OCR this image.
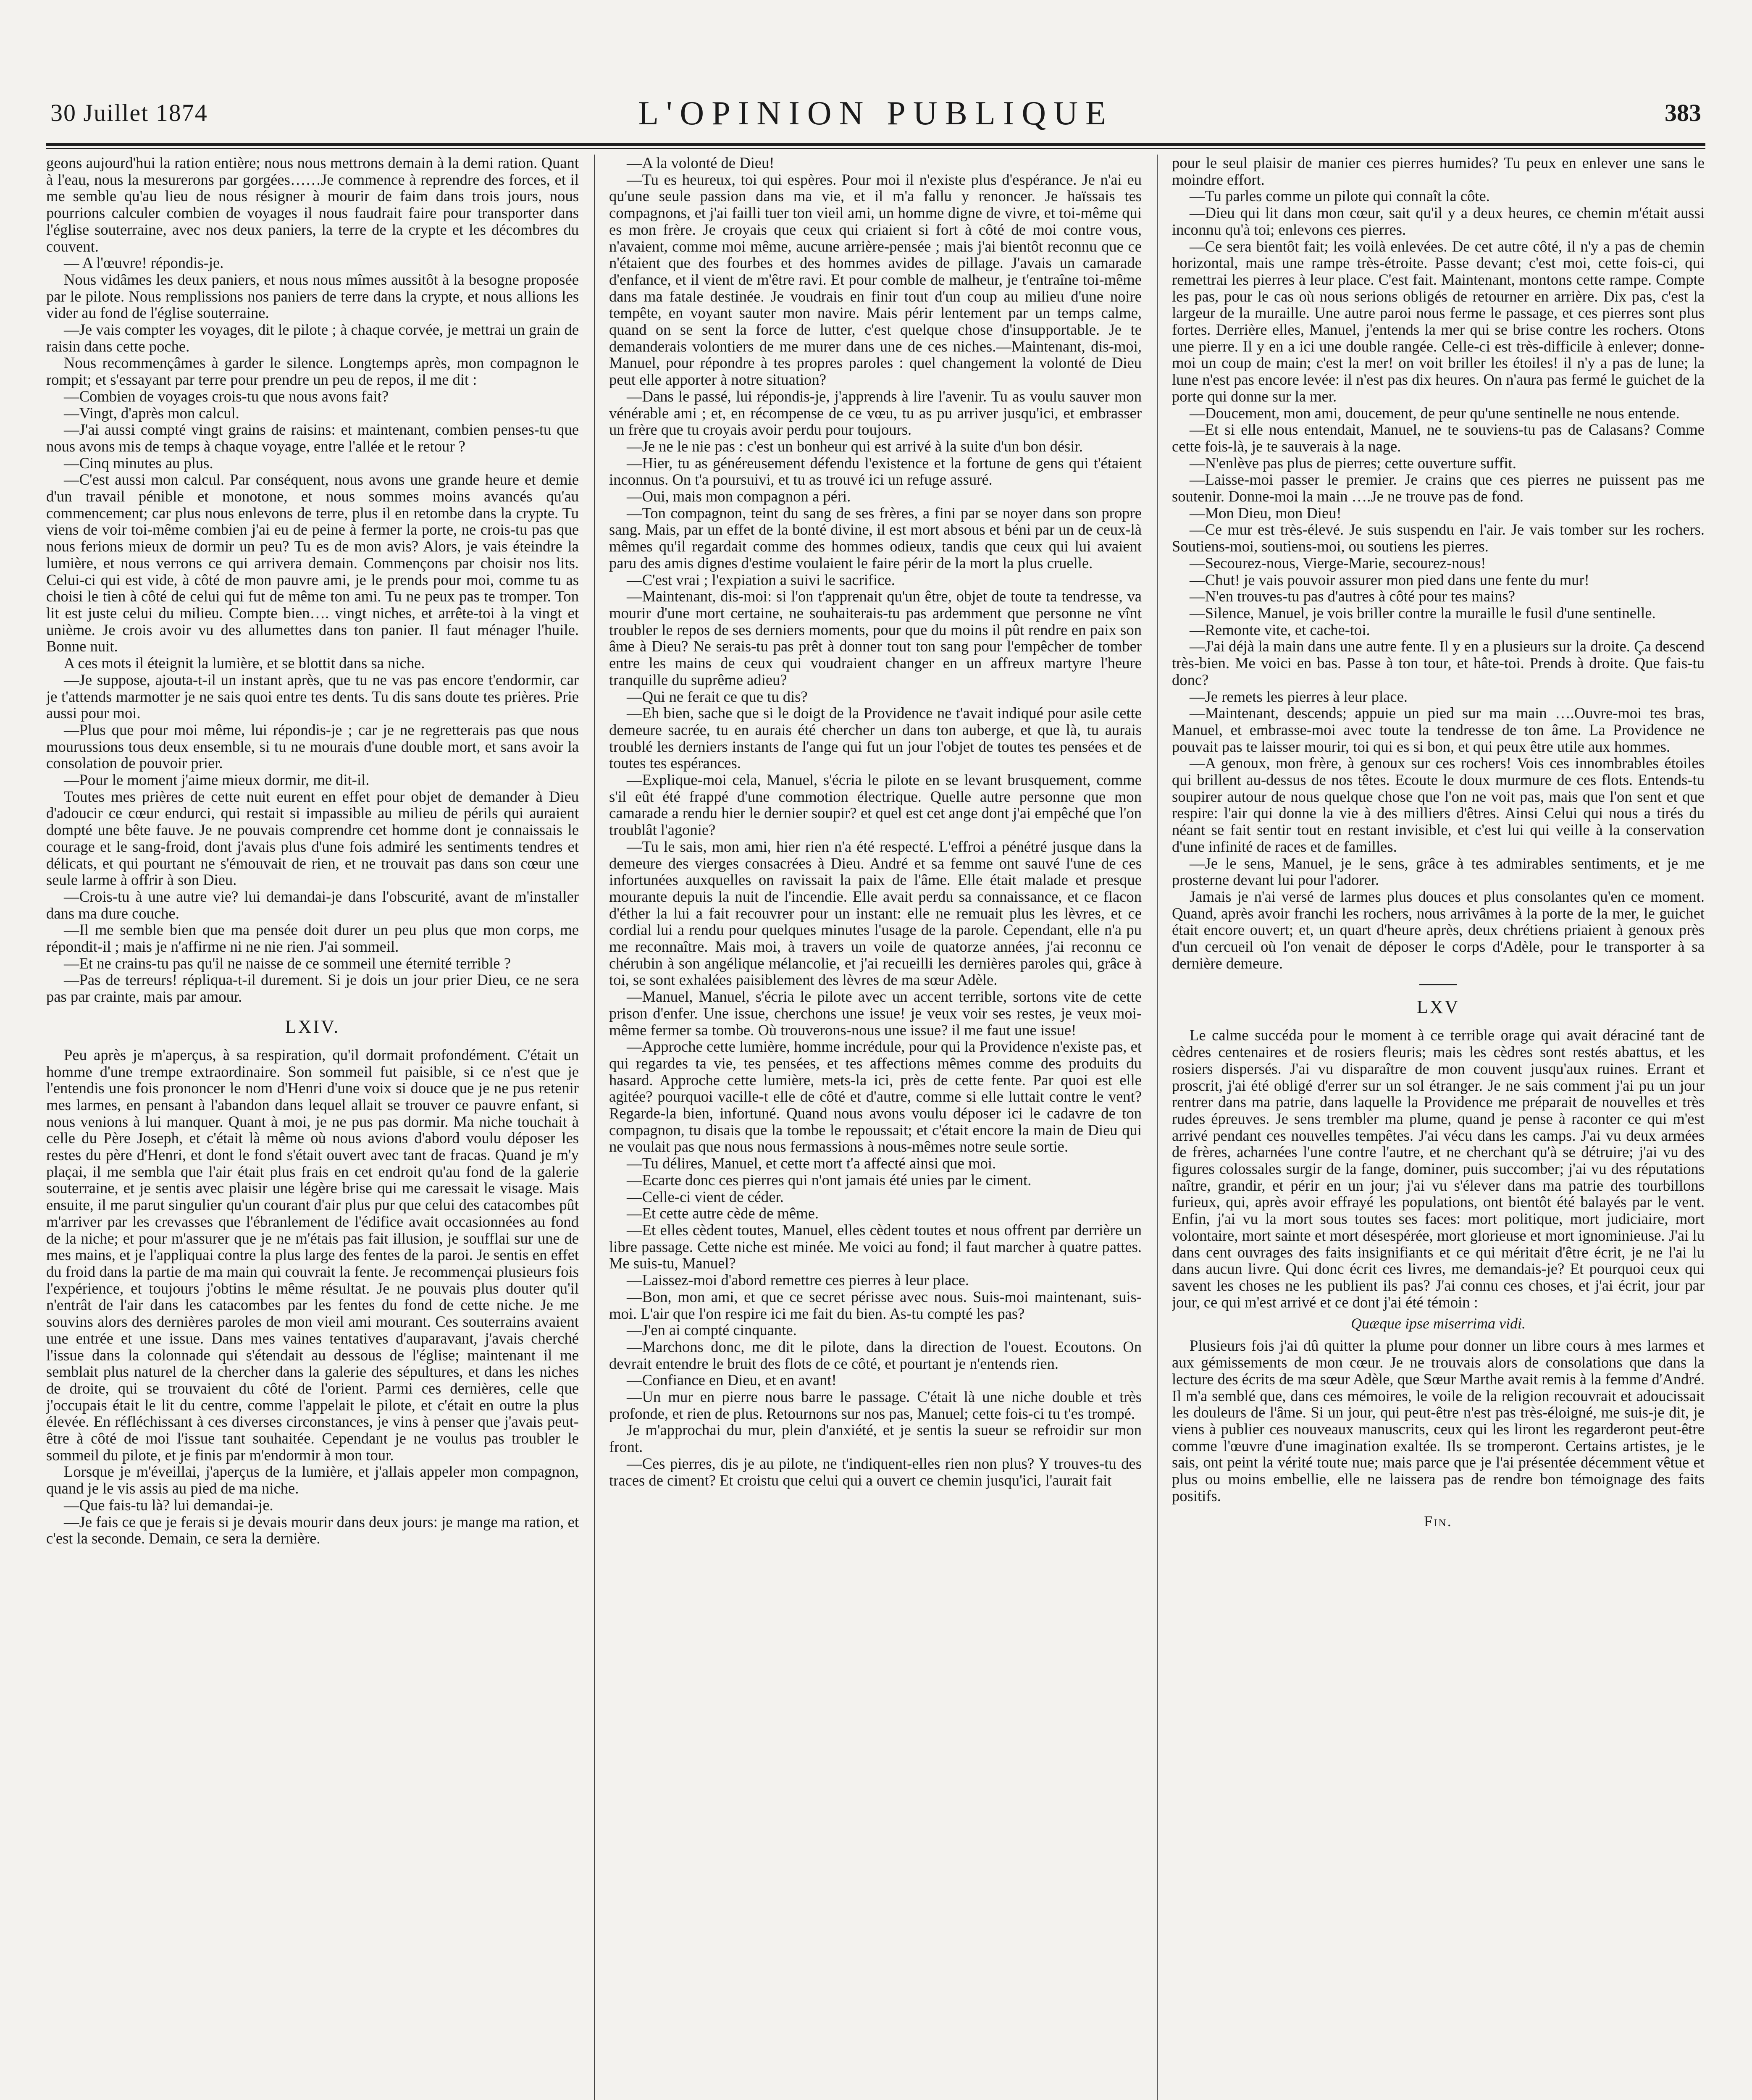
30 Juillet 1874	L'OPINION PUBLIQUE	383

geons aujourd'hui la ration entière; nous nous mettrons demain à la demi ration. Quant à l'eau, nous la mesurerons par gorgées……Je commence à reprendre des forces, et il me semble qu'au lieu de nous résigner à mourir de faim dans trois jours, nous pourrions calculer combien de voyages il nous faudrait faire pour transporter dans l'église souterraine, avec nos deux paniers, la terre de la crypte et les décombres du couvent.

— A l'œuvre! répondis-je.

Nous vidâmes les deux paniers, et nous nous mîmes aussitôt à la besogne proposée par le pilote. Nous remplissions nos paniers de terre dans la crypte, et nous allions les vider au fond de l'église souterraine.

—Je vais compter les voyages, dit le pilote ; à chaque corvée, je mettrai un grain de raisin dans cette poche.

Nous recommençâmes à garder le silence. Longtemps après, mon compagnon le rompit; et s'essayant par terre pour prendre un peu de repos, il me dit :

—Combien de voyages crois-tu que nous avons fait?

—Vingt, d'après mon calcul.

—J'ai aussi compté vingt grains de raisins: et maintenant, combien penses-tu que nous avons mis de temps à chaque voyage, entre l'allée et le retour ?

—Cinq minutes au plus.

—C'est aussi mon calcul. Par conséquent, nous avons une grande heure et demie d'un travail pénible et monotone, et nous sommes moins avancés qu'au commencement; car plus nous enlevons de terre, plus il en retombe dans la crypte. Tu viens de voir toi-même combien j'ai eu de peine à fermer la porte, ne crois-tu pas que nous ferions mieux de dormir un peu? Tu es de mon avis? Alors, je vais éteindre la lumière, et nous verrons ce qui arrivera demain. Commençons par choisir nos lits. Celui-ci qui est vide, à côté de mon pauvre ami, je le prends pour moi, comme tu as choisi le tien à côté de celui qui fut de même ton ami. Tu ne peux pas te tromper. Ton lit est juste celui du milieu. Compte bien…. vingt niches, et arrête-toi à la vingt et unième. Je crois avoir vu des allumettes dans ton panier. Il faut ménager l'huile. Bonne nuit.

A ces mots il éteignit la lumière, et se blottit dans sa niche.

—Je suppose, ajouta-t-il un instant après, que tu ne vas pas encore t'endormir, car je t'attends marmotter je ne sais quoi entre tes dents. Tu dis sans doute tes prières. Prie aussi pour moi.

—Plus que pour moi même, lui répondis-je ; car je ne regretterais pas que nous mourussions tous deux ensemble, si tu ne mourais d'une double mort, et sans avoir la consolation de pouvoir prier.

—Pour le moment j'aime mieux dormir, me dit-il.

Toutes mes prières de cette nuit eurent en effet pour objet de demander à Dieu d'adoucir ce cœur endurci, qui restait si impassible au milieu de périls qui auraient dompté une bête fauve. Je ne pouvais comprendre cet homme dont je connaissais le courage et le sang-froid, dont j'avais plus d'une fois admiré les sentiments tendres et délicats, et qui pourtant ne s'émouvait de rien, et ne trouvait pas dans son cœur une seule larme à offrir à son Dieu.

—Crois-tu à une autre vie? lui demandai-je dans l'obscurité, avant de m'installer dans ma dure couche.

—Il me semble bien que ma pensée doit durer un peu plus que mon corps, me répondit-il ; mais je n'affirme ni ne nie rien. J'ai sommeil.

—Et ne crains-tu pas qu'il ne naisse de ce sommeil une éternité terrible ?

—Pas de terreurs! répliqua-t-il durement. Si je dois un jour prier Dieu, ce ne sera pas par crainte, mais par amour.

LXIV.

Peu après je m'aperçus, à sa respiration, qu'il dormait profondément. C'était un homme d'une trempe extraordinaire. Son sommeil fut paisible, si ce n'est que je l'entendis une fois prononcer le nom d'Henri d'une voix si douce que je ne pus retenir mes larmes, en pensant à l'abandon dans lequel allait se trouver ce pauvre enfant, si nous venions à lui manquer. Quant à moi, je ne pus pas dormir. Ma niche touchait à celle du Père Joseph, et c'était là même où nous avions d'abord voulu déposer les restes du père d'Henri, et dont le fond s'était ouvert avec tant de fracas. Quand je m'y plaçai, il me sembla que l'air était plus frais en cet endroit qu'au fond de la galerie souterraine, et je sentis avec plaisir une légère brise qui me caressait le visage. Mais ensuite, il me parut singulier qu'un courant d'air plus pur que celui des catacombes pût m'arriver par les crevasses que l'ébranlement de l'édifice avait occasionnées au fond de la niche; et pour m'assurer que je ne m'étais pas fait illusion, je soufflai sur une de mes mains, et je l'appliquai contre la plus large des fentes de la paroi. Je sentis en effet du froid dans la partie de ma main qui couvrait la fente. Je recommençai plusieurs fois l'expérience, et toujours j'obtins le même résultat. Je ne pouvais plus douter qu'il n'entrât de l'air dans les catacombes par les fentes du fond de cette niche. Je me souvins alors des dernières paroles de mon vieil ami mourant. Ces souterrains avaient une entrée et une issue. Dans mes vaines tentatives d'auparavant, j'avais cherché l'issue dans la colonnade qui s'étendait au dessous de l'église; maintenant il me semblait plus naturel de la chercher dans la galerie des sépultures, et dans les niches de droite, qui se trouvaient du côté de l'orient. Parmi ces dernières, celle que j'occupais était le lit du centre, comme l'appelait le pilote, et c'était en outre la plus élevée. En réfléchissant à ces diverses circonstances, je vins à penser que j'avais peut-être à côté de moi l'issue tant souhaitée. Cependant je ne voulus pas troubler le sommeil du pilote, et je finis par m'endormir à mon tour.

Lorsque je m'éveillai, j'aperçus de la lumière, et j'allais appeler mon compagnon, quand je le vis assis au pied de ma niche.

—Que fais-tu là? lui demandai-je.

—Je fais ce que je ferais si je devais mourir dans deux jours: je mange ma ration, et c'est la seconde. Demain, ce sera la dernière.

—A la volonté de Dieu!

—Tu es heureux, toi qui espères. Pour moi il n'existe plus d'espérance. Je n'ai eu qu'une seule passion dans ma vie, et il m'a fallu y renoncer. Je haïssais tes compagnons, et j'ai failli tuer ton vieil ami, un homme digne de vivre, et toi-même qui es mon frère. Je croyais que ceux qui criaient si fort à côté de moi contre vous, n'avaient, comme moi même, aucune arrière-pensée ; mais j'ai bientôt reconnu que ce n'étaient que des fourbes et des hommes avides de pillage. J'avais un camarade d'enfance, et il vient de m'être ravi. Et pour comble de malheur, je t'entraîne toi-même dans ma fatale destinée. Je voudrais en finir tout d'un coup au milieu d'une noire tempête, en voyant sauter mon navire. Mais périr lentement par un temps calme, quand on se sent la force de lutter, c'est quelque chose d'insupportable. Je te demanderais volontiers de me murer dans une de ces niches.—Maintenant, dis-moi, Manuel, pour répondre à tes propres paroles : quel changement la volonté de Dieu peut elle apporter à notre situation?

—Dans le passé, lui répondis-je, j'apprends à lire l'avenir. Tu as voulu sauver mon vénérable ami ; et, en récompense de ce vœu, tu as pu arriver jusqu'ici, et embrasser un frère que tu croyais avoir perdu pour toujours.

—Je ne le nie pas : c'est un bonheur qui est arrivé à la suite d'un bon désir.

—Hier, tu as généreusement défendu l'existence et la fortune de gens qui t'étaient inconnus. On t'a poursuivi, et tu as trouvé ici un refuge assuré.

—Oui, mais mon compagnon a péri.

—Ton compagnon, teint du sang de ses frères, a fini par se noyer dans son propre sang. Mais, par un effet de la bonté divine, il est mort absous et béni par un de ceux-là mêmes qu'il regardait comme des hommes odieux, tandis que ceux qui lui avaient paru des amis dignes d'estime voulaient le faire périr de la mort la plus cruelle.

—C'est vrai ; l'expiation a suivi le sacrifice.

—Maintenant, dis-moi: si l'on t'apprenait qu'un être, objet de toute ta tendresse, va mourir d'une mort certaine, ne souhaiterais-tu pas ardemment que personne ne vînt troubler le repos de ses derniers moments, pour que du moins il pût rendre en paix son âme à Dieu? Ne serais-tu pas prêt à donner tout ton sang pour l'empêcher de tomber entre les mains de ceux qui voudraient changer en un affreux martyre l'heure tranquille du suprême adieu?

—Qui ne ferait ce que tu dis?

—Eh bien, sache que si le doigt de la Providence ne t'avait indiqué pour asile cette demeure sacrée, tu en aurais été chercher un dans ton auberge, et que là, tu aurais troublé les derniers instants de l'ange qui fut un jour l'objet de toutes tes pensées et de toutes tes espérances.

—Explique-moi cela, Manuel, s'écria le pilote en se levant brusquement, comme s'il eût été frappé d'une commotion électrique. Quelle autre personne que mon camarade a rendu hier le dernier soupir? et quel est cet ange dont j'ai empêché que l'on troublât l'agonie?

—Tu le sais, mon ami, hier rien n'a été respecté. L'effroi a pénétré jusque dans la demeure des vierges consacrées à Dieu. André et sa femme ont sauvé l'une de ces infortunées auxquelles on ravissait la paix de l'âme. Elle était malade et presque mourante depuis la nuit de l'incendie. Elle avait perdu sa connaissance, et ce flacon d'éther la lui a fait recouvrer pour un instant: elle ne remuait plus les lèvres, et ce cordial lui a rendu pour quelques minutes l'usage de la parole. Cependant, elle n'a pu me reconnaître. Mais moi, à travers un voile de quatorze années, j'ai reconnu ce chérubin à son angélique mélancolie, et j'ai recueilli les dernières paroles qui, grâce à toi, se sont exhalées paisiblement des lèvres de ma sœur Adèle.

—Manuel, Manuel, s'écria le pilote avec un accent terrible, sortons vite de cette prison d'enfer. Une issue, cherchons une issue! je veux voir ses restes, je veux moi-même fermer sa tombe. Où trouverons-nous une issue? il me faut une issue!

—Approche cette lumière, homme incrédule, pour qui la Providence n'existe pas, et qui regardes ta vie, tes pensées, et tes affections mêmes comme des produits du hasard. Approche cette lumière, mets-la ici, près de cette fente. Par quoi est elle agitée? pourquoi vacille-t elle de côté et d'autre, comme si elle luttait contre le vent? Regarde-la bien, infortuné. Quand nous avons voulu déposer ici le cadavre de ton compagnon, tu disais que la tombe le repoussait; et c'était encore la main de Dieu qui ne voulait pas que nous nous fermassions à nous-mêmes notre seule sortie.

—Tu délires, Manuel, et cette mort t'a affecté ainsi que moi.

—Ecarte donc ces pierres qui n'ont jamais été unies par le ciment.

—Celle-ci vient de céder.

—Et cette autre cède de même.

—Et elles cèdent toutes, Manuel, elles cèdent toutes et nous offrent par derrière un libre passage. Cette niche est minée. Me voici au fond; il faut marcher à quatre pattes. Me suis-tu, Manuel?

—Laissez-moi d'abord remettre ces pierres à leur place.

—Bon, mon ami, et que ce secret périsse avec nous. Suis-moi maintenant, suis-moi. L'air que l'on respire ici me fait du bien. As-tu compté les pas?

—J'en ai compté cinquante.

—Marchons donc, me dit le pilote, dans la direction de l'ouest. Ecoutons. On devrait entendre le bruit des flots de ce côté, et pourtant je n'entends rien.

—Confiance en Dieu, et en avant!

—Un mur en pierre nous barre le passage. C'était là une niche double et très profonde, et rien de plus. Retournons sur nos pas, Manuel; cette fois-ci tu t'es trompé.

Je m'approchai du mur, plein d'anxiété, et je sentis la sueur se refroidir sur mon front.

—Ces pierres, dis je au pilote, ne t'indiquent-elles rien non plus? Y trouves-tu des traces de ciment? Et croistu que celui qui a ouvert ce chemin jusqu'ici, l'aurait fait

pour le seul plaisir de manier ces pierres humides? Tu peux en enlever une sans le moindre effort.

—Tu parles comme un pilote qui connaît la côte.

—Dieu qui lit dans mon cœur, sait qu'il y a deux heures, ce chemin m'était aussi inconnu qu'à toi; enlevons ces pierres.

—Ce sera bientôt fait; les voilà enlevées. De cet autre côté, il n'y a pas de chemin horizontal, mais une rampe très-étroite. Passe devant; c'est moi, cette fois-ci, qui remettrai les pierres à leur place. C'est fait. Maintenant, montons cette rampe. Compte les pas, pour le cas où nous serions obligés de retourner en arrière. Dix pas, c'est la largeur de la muraille. Une autre paroi nous ferme le passage, et ces pierres sont plus fortes. Derrière elles, Manuel, j'entends la mer qui se brise contre les rochers. Otons une pierre. Il y en a ici une double rangée. Celle-ci est très-difficile à enlever; donne-moi un coup de main; c'est la mer! on voit briller les étoiles! il n'y a pas de lune; la lune n'est pas encore levée: il n'est pas dix heures. On n'aura pas fermé le guichet de la porte qui donne sur la mer.

—Doucement, mon ami, doucement, de peur qu'une sentinelle ne nous entende.

—Et si elle nous entendait, Manuel, ne te souviens-tu pas de Calasans? Comme cette fois-là, je te sauverais à la nage.

—N'enlève pas plus de pierres; cette ouverture suffit.

—Laisse-moi passer le premier. Je crains que ces pierres ne puissent pas me soutenir. Donne-moi la main ….Je ne trouve pas de fond.

—Mon Dieu, mon Dieu!

—Ce mur est très-élevé. Je suis suspendu en l'air. Je vais tomber sur les rochers. Soutiens-moi, soutiens-moi, ou soutiens les pierres.

—Secourez-nous, Vierge-Marie, secourez-nous!

—Chut! je vais pouvoir assurer mon pied dans une fente du mur!

—N'en trouves-tu pas d'autres à côté pour tes mains?

—Silence, Manuel, je vois briller contre la muraille le fusil d'une sentinelle.

—Remonte vite, et cache-toi.

—J'ai déjà la main dans une autre fente. Il y en a plusieurs sur la droite. Ça descend très-bien. Me voici en bas. Passe à ton tour, et hâte-toi. Prends à droite. Que fais-tu donc?

—Je remets les pierres à leur place.

—Maintenant, descends; appuie un pied sur ma main ….Ouvre-moi tes bras, Manuel, et embrasse-moi avec toute la tendresse de ton âme. La Providence ne pouvait pas te laisser mourir, toi qui es si bon, et qui peux être utile aux hommes.

—A genoux, mon frère, à genoux sur ces rochers! Vois ces innombrables étoiles qui brillent au-dessus de nos têtes. Ecoute le doux murmure de ces flots. Entends-tu soupirer autour de nous quelque chose que l'on ne voit pas, mais que l'on sent et que respire: l'air qui donne la vie à des milliers d'êtres. Ainsi Celui qui nous a tirés du néant se fait sentir tout en restant invisible, et c'est lui qui veille à la conservation d'une infinité de races et de familles.

—Je le sens, Manuel, je le sens, grâce à tes admirables sentiments, et je me prosterne devant lui pour l'adorer.

Jamais je n'ai versé de larmes plus douces et plus consolantes qu'en ce moment. Quand, après avoir franchi les rochers, nous arrivâmes à la porte de la mer, le guichet était encore ouvert; et, un quart d'heure après, deux chrétiens priaient à genoux près d'un cercueil où l'on venait de déposer le corps d'Adèle, pour le transporter à sa dernière demeure.

LXV

Le calme succéda pour le moment à ce terrible orage qui avait déraciné tant de cèdres centenaires et de rosiers fleuris; mais les cèdres sont restés abattus, et les rosiers dispersés. J'ai vu disparaître de mon couvent jusqu'aux ruines. Errant et proscrit, j'ai été obligé d'errer sur un sol étranger. Je ne sais comment j'ai pu un jour rentrer dans ma patrie, dans laquelle la Providence me préparait de nouvelles et très rudes épreuves. Je sens trembler ma plume, quand je pense à raconter ce qui m'est arrivé pendant ces nouvelles tempêtes. J'ai vécu dans les camps. J'ai vu deux armées de frères, acharnées l'une contre l'autre, et ne cherchant qu'à se détruire; j'ai vu des figures colossales surgir de la fange, dominer, puis succomber; j'ai vu des réputations naître, grandir, et périr en un jour; j'ai vu s'élever dans ma patrie des tourbillons furieux, qui, après avoir effrayé les populations, ont bientôt été balayés par le vent. Enfin, j'ai vu la mort sous toutes ses faces: mort politique, mort judiciaire, mort volontaire, mort sainte et mort désespérée, mort glorieuse et mort ignominieuse. J'ai lu dans cent ouvrages des faits insignifiants et ce qui méritait d'être écrit, je ne l'ai lu dans aucun livre. Qui donc écrit ces livres, me demandais-je? Et pourquoi ceux qui savent les choses ne les publient ils pas? J'ai connu ces choses, et j'ai écrit, jour par jour, ce qui m'est arrivé et ce dont j'ai été témoin :

Quæque ipse miserrima vidi.

Plusieurs fois j'ai dû quitter la plume pour donner un libre cours à mes larmes et aux gémissements de mon cœur. Je ne trouvais alors de consolations que dans la lecture des écrits de ma sœur Adèle, que Sœur Marthe avait remis à la femme d'André. Il m'a semblé que, dans ces mémoires, le voile de la religion recouvrait et adoucissait les douleurs de l'âme. Si un jour, qui peut-être n'est pas très-éloigné, me suis-je dit, je viens à publier ces nouveaux manuscrits, ceux qui les liront les regarderont peut-être comme l'œuvre d'une imagination exaltée. Ils se tromperont. Certains artistes, je le sais, ont peint la vérité toute nue; mais parce que je l'ai présentée décemment vêtue et plus ou moins embellie, elle ne laissera pas de rendre bon témoignage des faits positifs.

Fin.
